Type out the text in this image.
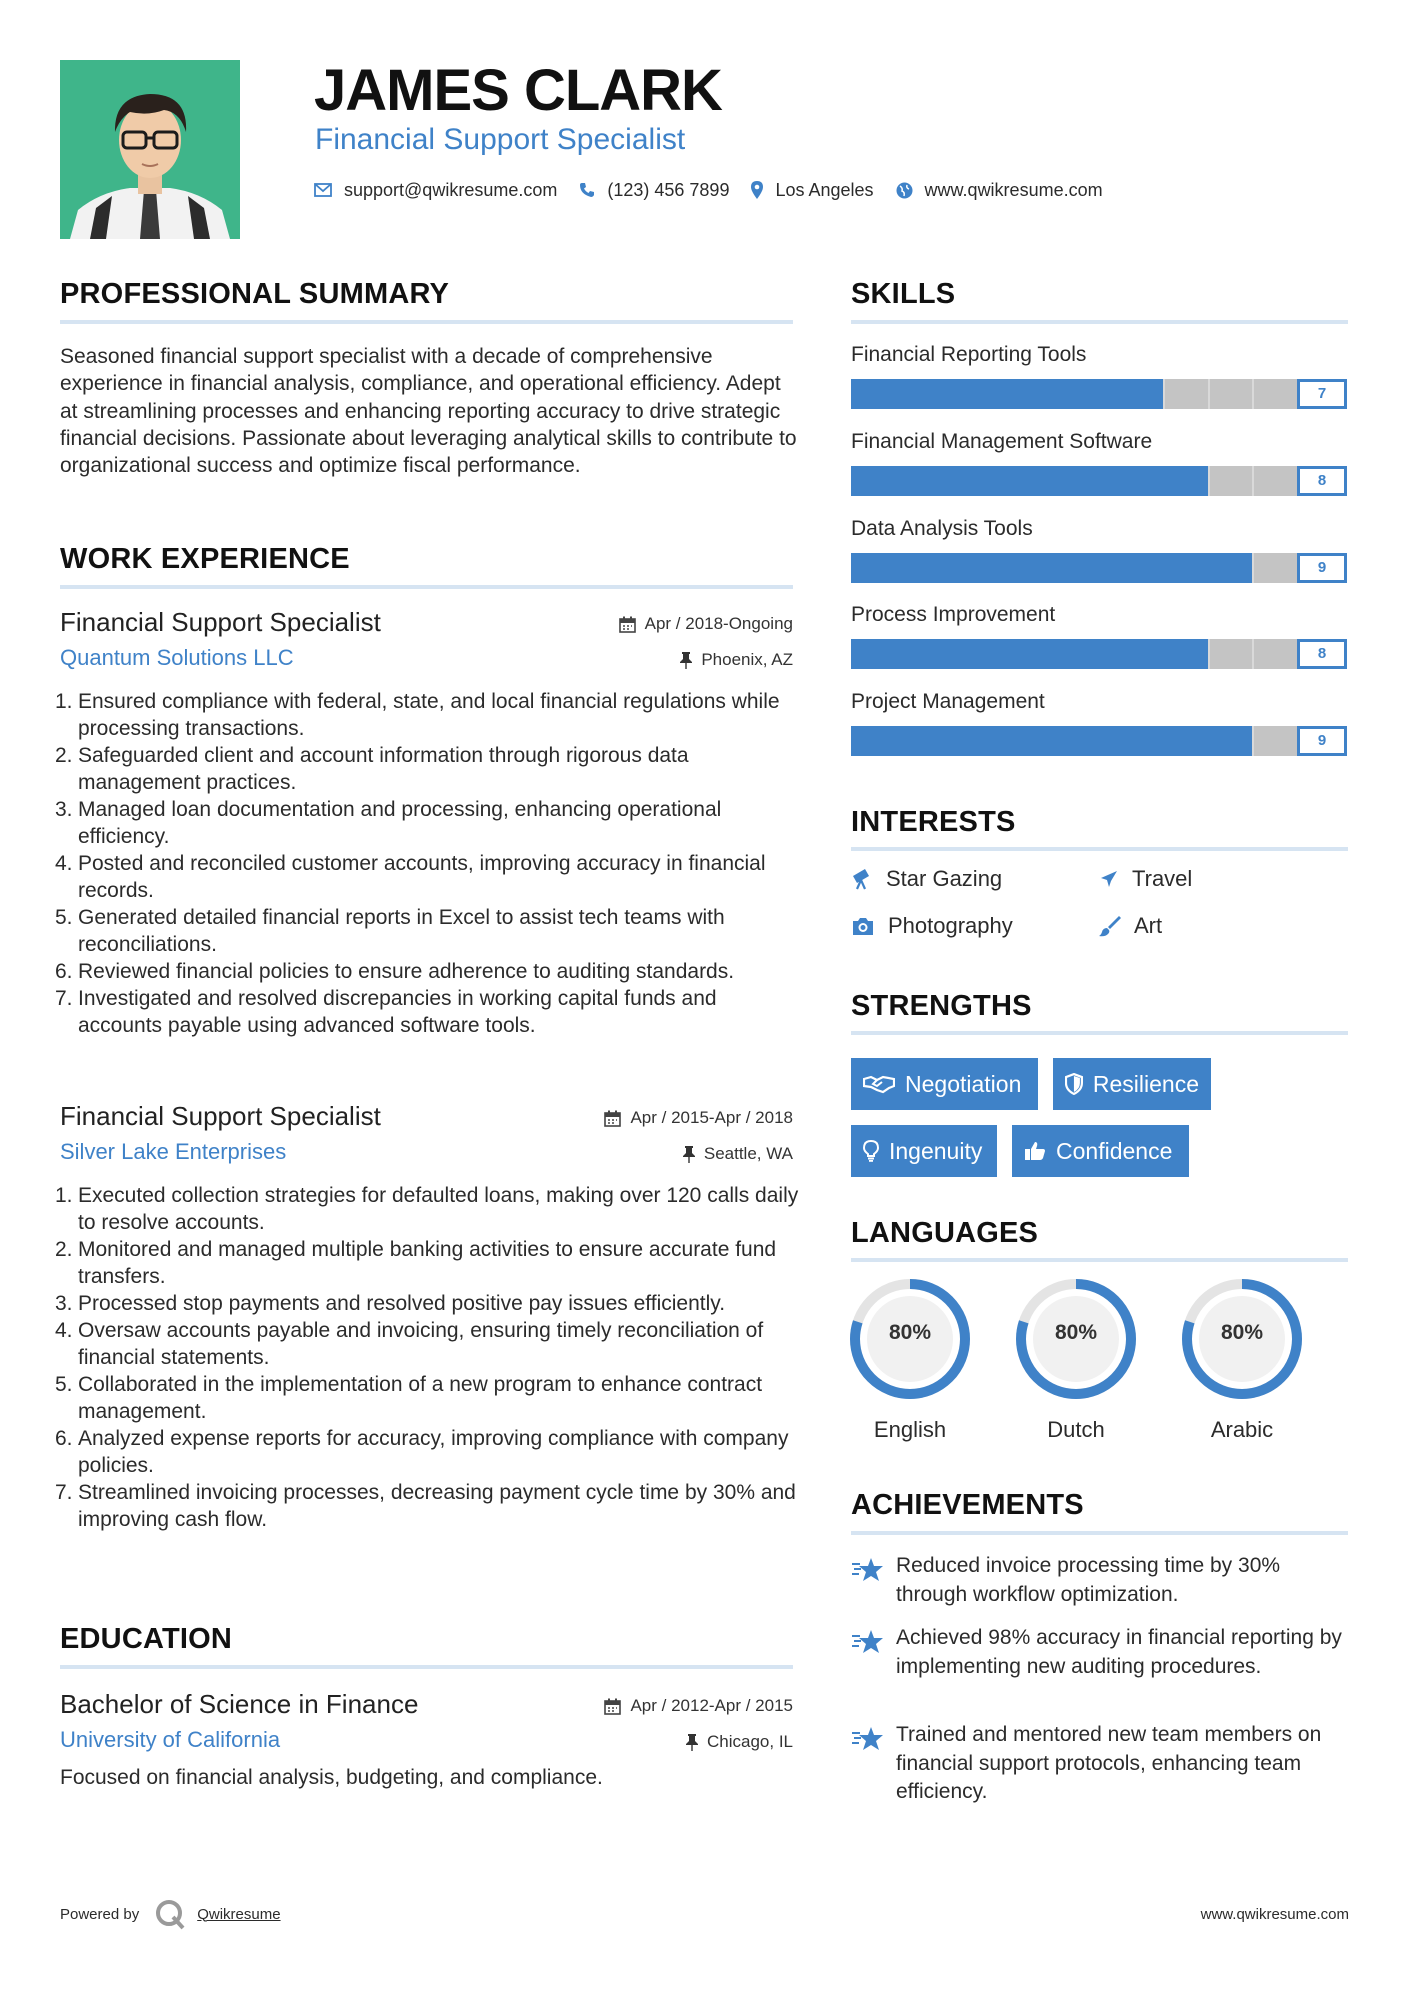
JAMES CLARK
Financial Support Specialist
support@qwikresume.com	(123) 456 7899	Los Angeles	www.qwikresume.com
PROFESSIONAL SUMMARY
Seasoned financial support specialist with a decade of comprehensive experience in financial analysis, compliance, and operational efficiency. Adept at streamlining processes and enhancing reporting accuracy to drive strategic financial decisions. Passionate about leveraging analytical skills to contribute to organizational success and optimize fiscal performance.
WORK EXPERIENCE
Financial Support Specialist	Apr / 2018-Ongoing
Quantum Solutions LLC	Phoenix, AZ
1. Ensured compliance with federal, state, and local financial regulations while processing transactions.
2. Safeguarded client and account information through rigorous data management practices.
3. Managed loan documentation and processing, enhancing operational efficiency.
4. Posted and reconciled customer accounts, improving accuracy in financial records.
5. Generated detailed financial reports in Excel to assist tech teams with reconciliations.
6. Reviewed financial policies to ensure adherence to auditing standards.
7. Investigated and resolved discrepancies in working capital funds and accounts payable using advanced software tools.
Financial Support Specialist	Apr / 2015-Apr / 2018
Silver Lake Enterprises	Seattle, WA
1. Executed collection strategies for defaulted loans, making over 120 calls daily to resolve accounts.
2. Monitored and managed multiple banking activities to ensure accurate fund transfers.
3. Processed stop payments and resolved positive pay issues efficiently.
4. Oversaw accounts payable and invoicing, ensuring timely reconciliation of financial statements.
5. Collaborated in the implementation of a new program to enhance contract management.
6. Analyzed expense reports for accuracy, improving compliance with company policies.
7. Streamlined invoicing processes, decreasing payment cycle time by 30% and improving cash flow.
EDUCATION
Bachelor of Science in Finance	Apr / 2012-Apr / 2015
University of California	Chicago, IL
Focused on financial analysis, budgeting, and compliance.
SKILLS
Financial Reporting Tools
7
Financial Management Software
8
Data Analysis Tools
9
Process Improvement
8
Project Management
9
INTERESTS
Star Gazing	Travel
Photography	Art
STRENGTHS
Negotiation	Resilience
Ingenuity	Confidence
LANGUAGES
80%
English
80%
Dutch
80%
Arabic
ACHIEVEMENTS
Reduced invoice processing time by 30% through workflow optimization.
Achieved 98% accuracy in financial reporting by implementing new auditing procedures.
Trained and mentored new team members on financial support protocols, enhancing team efficiency.
Powered by	Qwikresume	www.qwikresume.com
